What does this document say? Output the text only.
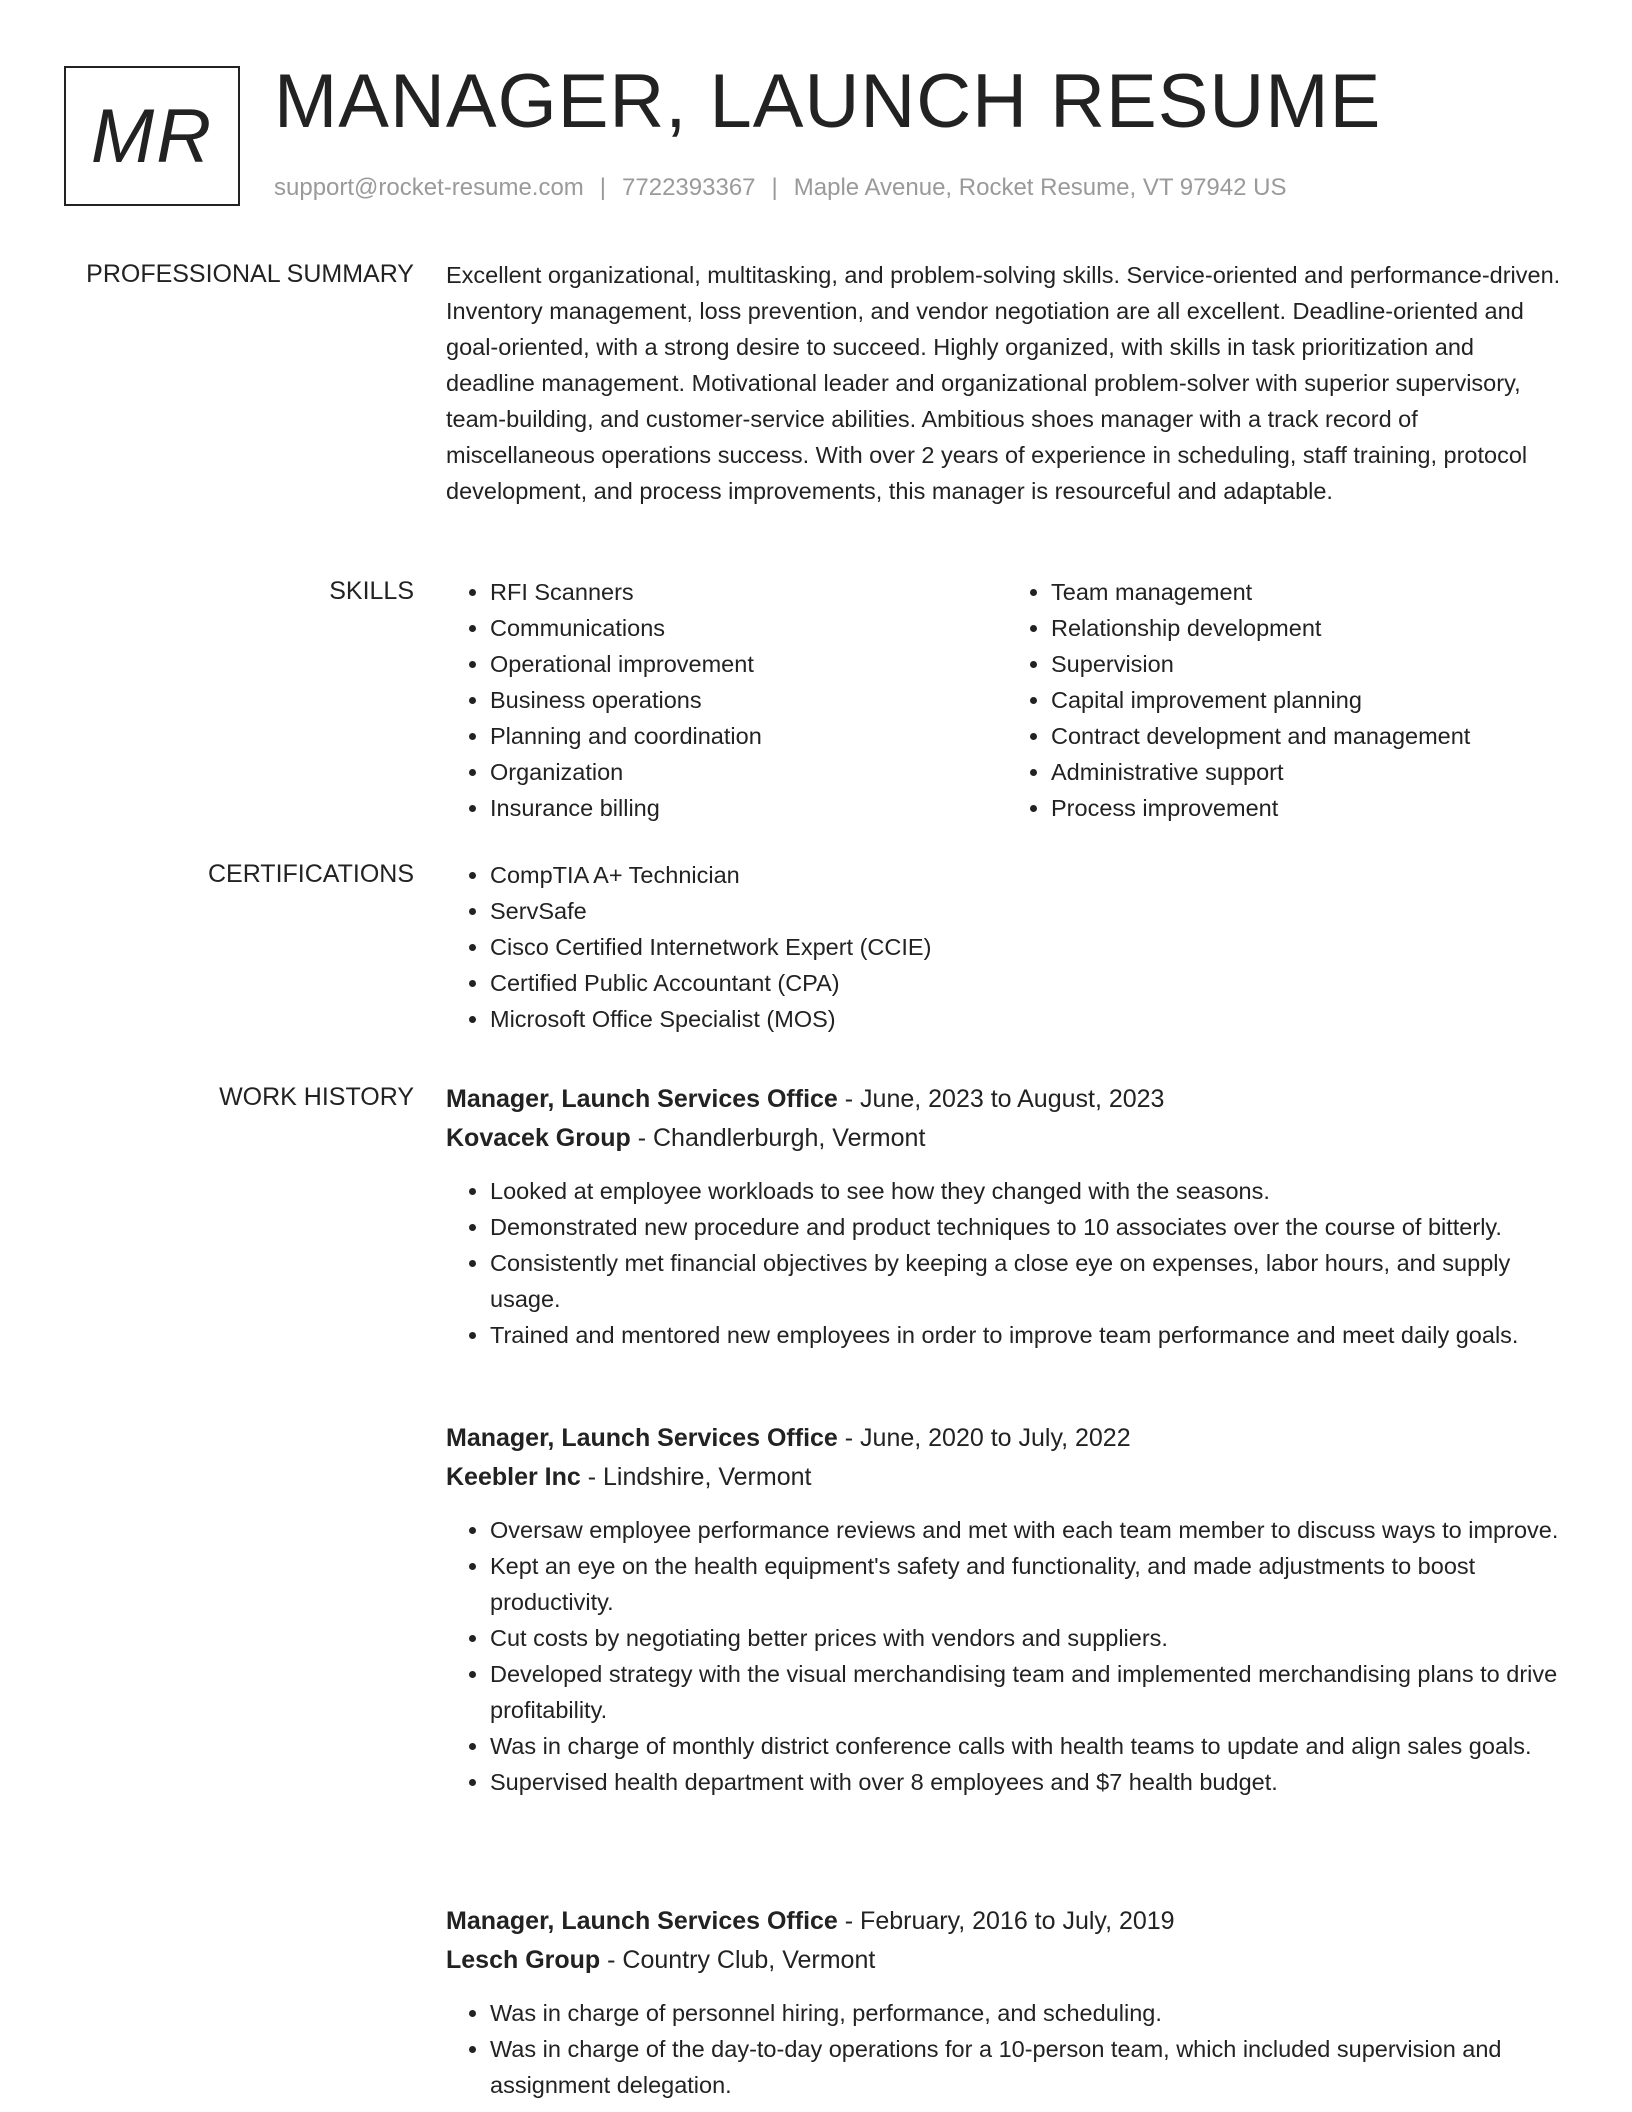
MR MANAGER, LAUNCH RESUME
support@rocket-resume.com | 7722393367 | Maple Avenue, Rocket Resume, VT 97942 US
PROFESSIONAL SUMMARY Excellent organizational, multitasking, and problem-solving skills. Service-oriented and performance-driven. Inventory management, loss prevention, and vendor negotiation are all excellent. Deadline-oriented and goal-oriented, with a strong desire to succeed. Highly organized, with skills in task prioritization and deadline management. Motivational leader and organizational problem-solver with superior supervisory, team-building, and customer-service abilities. Ambitious shoes manager with a track record of miscellaneous operations success. With over 2 years of experience in scheduling, staff training, protocol development, and process improvements, this manager is resourceful and adaptable.
SKILLS	• RFI Scanners
• Communications
• Operational improvement
• Business operations
• Planning and coordination
• Organization
• Insurance billing
• Team management
• Relationship development
• Supervision
• Capital improvement planning
• Contract development and management
• Administrative support
• Process improvement
CERTIFICATIONS	• CompTIA A+ Technician
• ServSafe
• Cisco Certified Internetwork Expert (CCIE)
• Certified Public Accountant (CPA)
• Microsoft Office Specialist (MOS)
WORK HISTORY Manager, Launch Services Office - June, 2023 to August, 2023
Kovacek Group - Chandlerburgh, Vermont
• Looked at employee workloads to see how they changed with the seasons.
• Demonstrated new procedure and product techniques to 10 associates over the course of bitterly.
• Consistently met financial objectives by keeping a close eye on expenses, labor hours, and supply usage.
• Trained and mentored new employees in order to improve team performance and meet daily goals.
Manager, Launch Services Office - June, 2020 to July, 2022
Keebler Inc - Lindshire, Vermont
• Oversaw employee performance reviews and met with each team member to discuss ways to improve.
• Kept an eye on the health equipment's safety and functionality, and made adjustments to boost productivity.
• Cut costs by negotiating better prices with vendors and suppliers.
• Developed strategy with the visual merchandising team and implemented merchandising plans to drive profitability.
• Was in charge of monthly district conference calls with health teams to update and align sales goals.
• Supervised health department with over 8 employees and $7 health budget.
Manager, Launch Services Office - February, 2016 to July, 2019
Lesch Group - Country Club, Vermont
• Was in charge of personnel hiring, performance, and scheduling.
• Was in charge of the day-to-day operations for a 10-person team, which included supervision and assignment delegation.
